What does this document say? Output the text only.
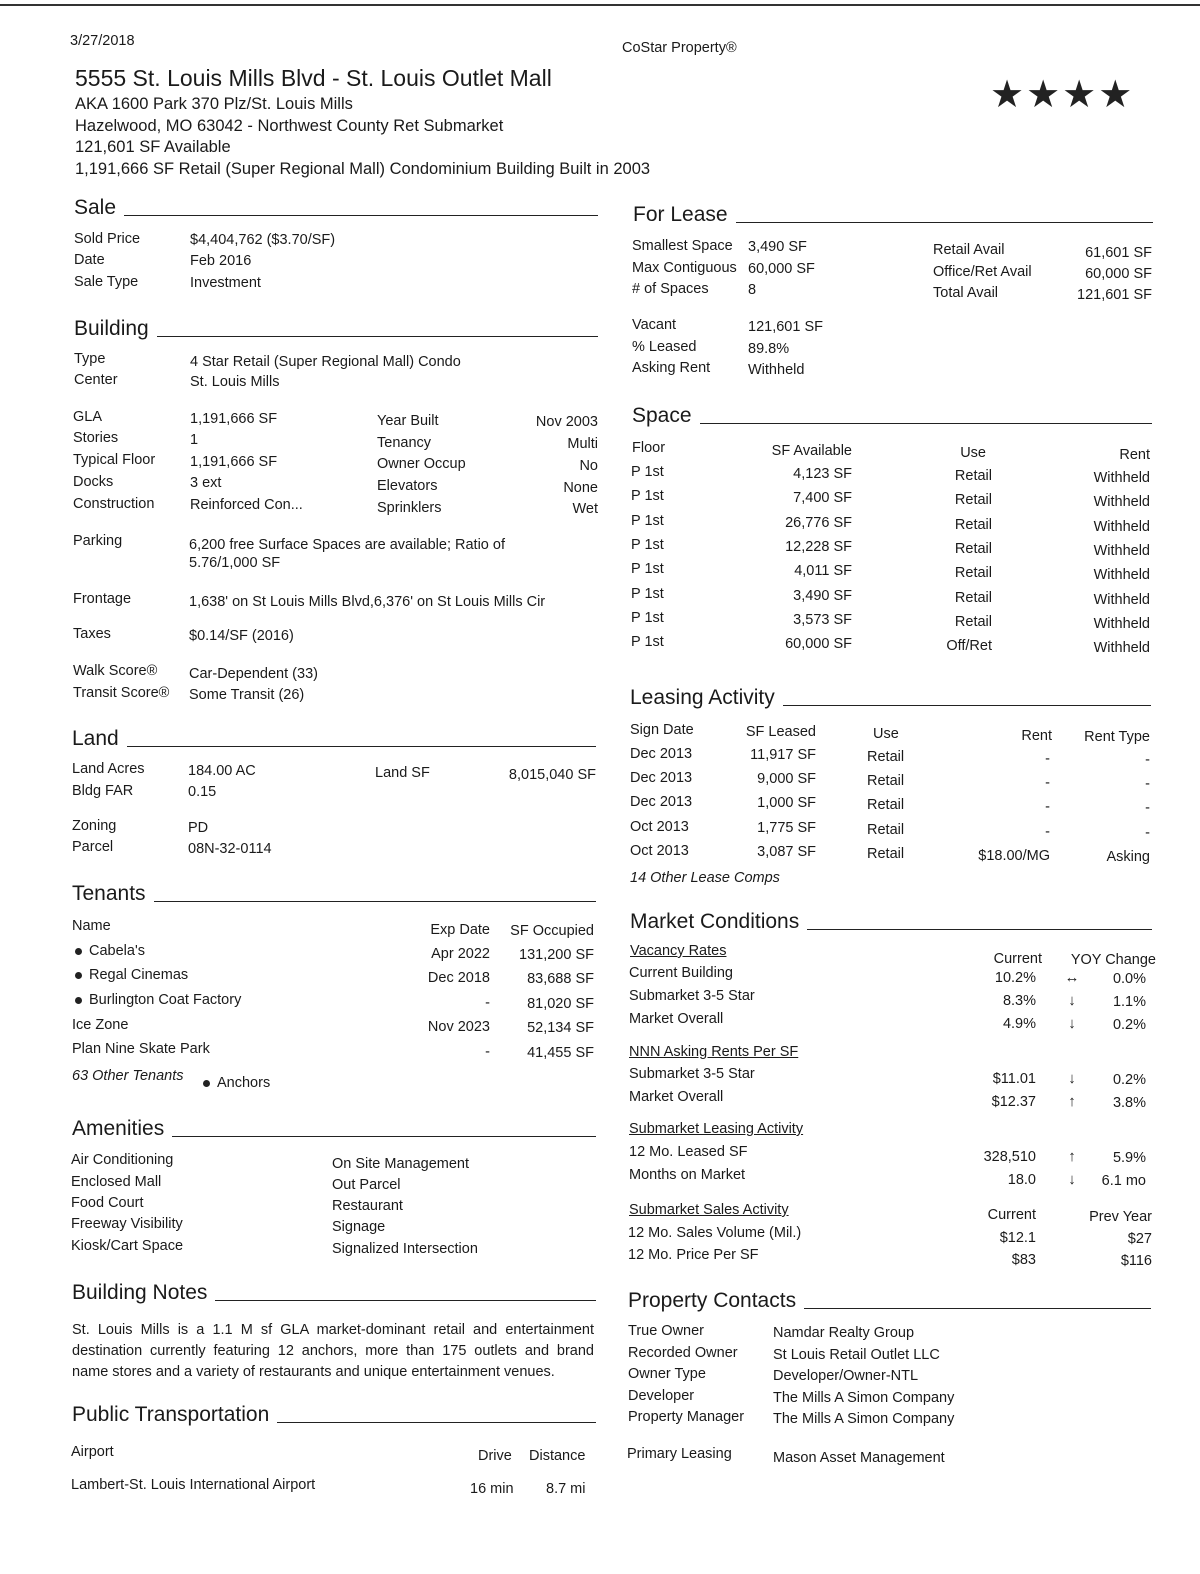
3/27/2018	CoStar Property®
5555 St. Louis Mills Blvd - St. Louis Outlet Mall
AKA 1600 Park 370 Plz/St. Louis Mills
Hazelwood, MO 63042 - Northwest County Ret Submarket
121,601 SF Available
1,191,666 SF Retail (Super Regional Mall) Condominium Building Built in 2003
★★★★
Sale
Sold Price	$4,404,762 ($3.70/SF)
Date	Feb 2016
Sale Type	Investment
Building
Type	4 Star Retail (Super Regional Mall) Condo
Center	St. Louis Mills
GLA	1,191,666 SF
Stories	1
Typical Floor 1,191,666 SF
Docks	3 ext
Construction Reinforced Con...
Year Built	Nov 2003
Tenancy	Multi
Owner Occup	No
Elevators	None
Sprinklers	Wet
Parking	6,200 free Surface Spaces are available; Ratio of
5.76/1,000 SF
Frontage	1,638' on St Louis Mills Blvd,6,376' on St Louis Mills Cir
Taxes	$0.14/SF (2016)
Walk Score® Car-Dependent (33)
Transit Score® Some Transit (26)
Land
Land Acres	184.00 AC	Land SF	8,015,040 SF
Bldg FAR	0.15
Zoning	PD
Parcel	08N-32-0114
Tenants
Name	Exp Date	SF Occupied
Cabela's	Apr 2022	131,200 SF
Regal Cinemas	Dec 2018	83,688 SF
Burlington Coat Factory	-	81,020 SF
Ice Zone	Nov 2023	52,134 SF
Plan Nine Skate Park	-	41,455 SF
63 Other Tenants	Anchors
Amenities
Air Conditioning
Enclosed Mall
Food Court
Freeway Visibility
Kiosk/Cart Space
On Site Management
Out Parcel
Restaurant
Signage
Signalized Intersection
Building Notes
St. Louis Mills is a 1.1 M sf GLA market-dominant retail and entertainment destination currently featuring 12 anchors, more than 175 outlets and brand name stores and a variety of restaurants and unique entertainment venues.
Public Transportation
Airport	Drive Distance
Lambert-St. Louis International Airport	16 min 8.7 mi
For Lease
Smallest Space 3,490 SF
Max Contiguous 60,000 SF
# of Spaces	8
Retail Avail	61,601 SF
Office/Ret Avail	60,000 SF
Total Avail	121,601 SF
Vacant	121,601 SF
% Leased	89.8%
Asking Rent	Withheld
Space
Floor	SF Available	Use	Rent
P 1st	4,123 SF	Retail	Withheld
P 1st	7,400 SF	Retail	Withheld
P 1st	26,776 SF	Retail	Withheld
P 1st	12,228 SF	Retail	Withheld
P 1st	4,011 SF	Retail	Withheld
P 1st	3,490 SF	Retail	Withheld
P 1st	3,573 SF	Retail	Withheld
P 1st	60,000 SF	Off/Ret	Withheld
Leasing Activity
Sign Date	SF Leased	Use	Rent	Rent Type
Dec 2013	11,917 SF	Retail	-	-
Dec 2013	9,000 SF	Retail	-	-
Dec 2013	1,000 SF	Retail	-	-
Oct 2013	1,775 SF	Retail	-	-
Oct 2013	3,087 SF	Retail	$18.00/MG	Asking
14 Other Lease Comps
Market Conditions
Vacancy Rates	Current	YOY Change
Current Building	10.2%	↔	0.0%
Submarket 3-5 Star	8.3%	↓	1.1%
Market Overall	4.9%	↓	0.2%
NNN Asking Rents Per SF
Submarket 3-5 Star	$11.01	↓	0.2%
Market Overall	$12.37	↑	3.8%
Submarket Leasing Activity
12 Mo. Leased SF	328,510	↑	5.9%
Months on Market	18.0	↓	6.1 mo
Submarket Sales Activity	Current	Prev Year
12 Mo. Sales Volume (Mil.)	$12.1	$27
12 Mo. Price Per SF	$83	$116
Property Contacts
True Owner	Namdar Realty Group
Recorded Owner St Louis Retail Outlet LLC
Owner Type	Developer/Owner-NTL
Developer	The Mills A Simon Company
Property Manager The Mills A Simon Company
Primary Leasing	Mason Asset Management
